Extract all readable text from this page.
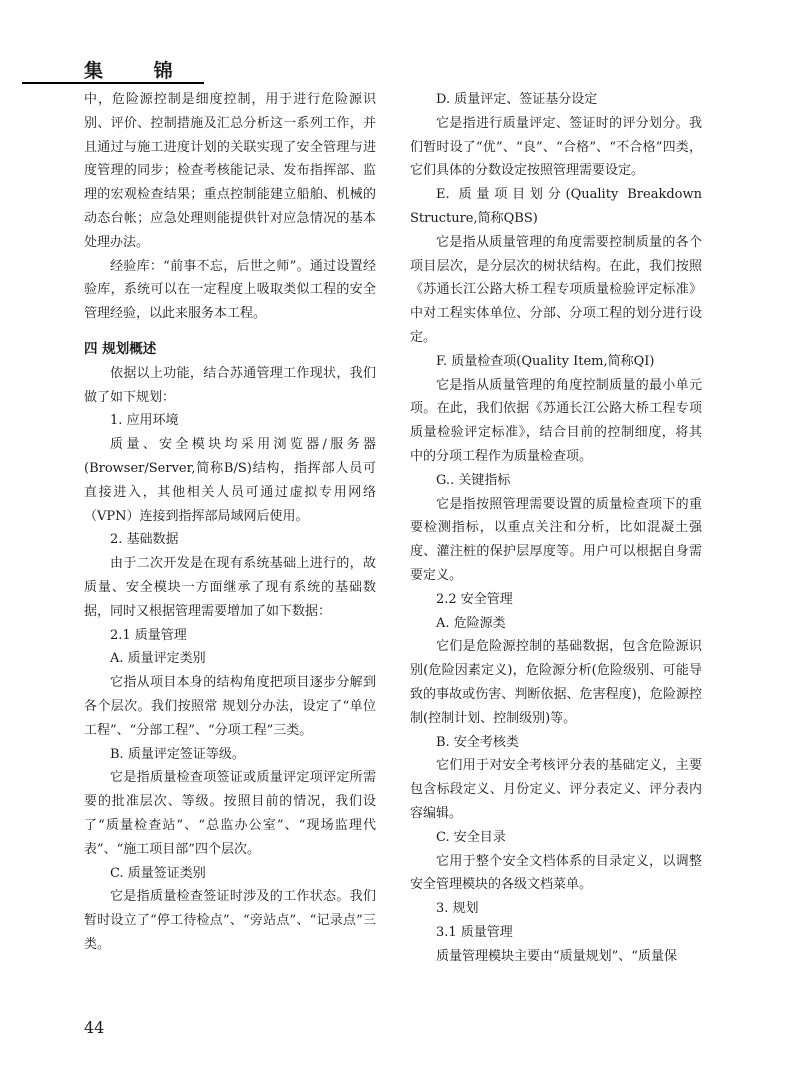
集 锦

中，危险源控制是细度控制，用于进行危险源识别、评价、控制措施及汇总分析这一系列工作，并且通过与施工进度计划的关联实现了安全管理与进度管理的同步；检查考核能记录、发布指挥部、监理的宏观检查结果；重点控制能建立船舶、机械的动态台帐；应急处理则能提供针对应急情况的基本处理办法。

经验库：“前事不忘，后世之师”。通过设置经验库，系统可以在一定程度上吸取类似工程的安全管理经验，以此来服务本工程。

四 规划概述

依据以上功能，结合苏通管理工作现状，我们做了如下规划：

1. 应用环境

质量、安全模块均采用浏览器/服务器(Browser/Server,简称B/S)结构，指挥部人员可直接进入，其他相关人员可通过虚拟专用网络（VPN）连接到指挥部局域网后使用。

2. 基础数据

由于二次开发是在现有系统基础上进行的，故质量、安全模块一方面继承了现有系统的基础数据，同时又根据管理需要增加了如下数据：

2.1 质量管理

A. 质量评定类别

它指从项目本身的结构角度把项目逐步分解到各个层次。我们按照常 规划分办法，设定了“单位工程”、“分部工程”、“分项工程”三类。

B. 质量评定签证等级。

它是指质量检查项签证或质量评定项评定所需要的批准层次、等级。按照目前的情况，我们设了“质量检查站”、“总监办公室”、“现场监理代表”、“施工项目部”四个层次。

C. 质量签证类别

它是指质量检查签证时涉及的工作状态。我们暂时设立了“停工待检点”、“旁站点”、“记录点”三类。

D. 质量评定、签证基分设定

它是指进行质量评定、签证时的评分划分。我们暂时设了“优”、“良”、“合格”、“不合格”四类，它们具体的分数设定按照管理需要设定。

E. 质量项目划分(Quality Breakdown Structure,简称QBS)

它是指从质量管理的角度需要控制质量的各个项目层次，是分层次的树状结构。在此，我们按照《苏通长江公路大桥工程专项质量检验评定标准》中对工程实体单位、分部、分项工程的划分进行设定。

F. 质量检查项(Quality Item,简称QI)

它是指从质量管理的角度控制质量的最小单元项。在此，我们依据《苏通长江公路大桥工程专项质量检验评定标准》，结合目前的控制细度，将其中的分项工程作为质量检查项。

G.. 关键指标

它是指按照管理需要设置的质量检查项下的重要检测指标，以重点关注和分析，比如混凝土强度、灌注桩的保护层厚度等。用户可以根据自身需要定义。

2.2 安全管理

A. 危险源类

它们是危险源控制的基础数据，包含危险源识别(危险因素定义)，危险源分析(危险级别、可能导致的事故或伤害、判断依据、危害程度)，危险源控制(控制计划、控制级别)等。

B. 安全考核类

它们用于对安全考核评分表的基础定义，主要包含标段定义、月份定义、评分表定义、评分表内容编辑。

C. 安全目录

它用于整个安全文档体系的目录定义，以调整安全管理模块的各级文档菜单。

3. 规划

3.1 质量管理

质量管理模块主要由“质量规划”、“质量保

44
